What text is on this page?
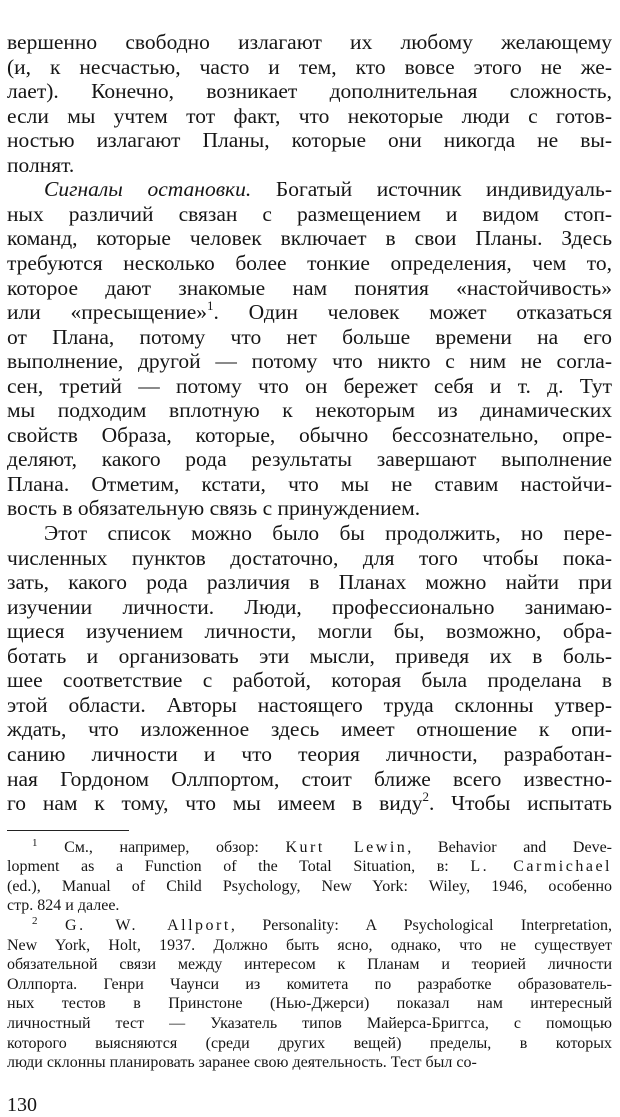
вершенно свободно излагают их любому желающему
(и, к несчастью, часто и тем, кто вовсе этого не же-
лает). Конечно, возникает дополнительная сложность,
если мы учтем тот факт, что некоторые люди с готов-
ностью излагают Планы, которые они никогда не вы-
полнят.
Сигналы остановки. Богатый источник индивидуаль-
ных различий связан с размещением и видом стоп-
команд, которые человек включает в свои Планы. Здесь
требуются несколько более тонкие определения, чем то,
которое дают знакомые нам понятия «настойчивость»
или «пресыщение»$^1$. Один человек может отказаться
от Плана, потому что нет больше времени на его
выполнение, другой — потому что никто с ним не согла-
сен, третий — потому что он бережет себя и т. д. Тут
мы подходим вплотную к некоторым из динамических
свойств Образа, которые, обычно бессознательно, опре-
деляют, какого рода результаты завершают выполнение
Плана. Отметим, кстати, что мы не ставим настойчи-
вость в обязательную связь с принуждением.
Этот список можно было бы продолжить, но пере-
численных пунктов достаточно, для того чтобы пока-
зать, какого рода различия в Планах можно найти при
изучении личности. Люди, профессионально занимаю-
щиеся изучением личности, могли бы, возможно, обра-
ботать и организовать эти мысли, приведя их в боль-
шее соответствие с работой, которая была проделана в
этой области. Авторы настоящего труда склонны утвер-
ждать, что изложенное здесь имеет отношение к опи-
санию личности и что теория личности, разработан-
ная Гордоном Оллпортом, стоит ближе всего известно-
го нам к тому, что мы имеем в виду$^2$. Чтобы испытать
$^1$ См., например, обзор: Kurt Lewin, Behavior and Deve-
lopment as a Function of the Total Situation, в: L. Carmichael
(ed.), Manual of Child Psychology, New York: Wiley, 1946, особенно
стр. 824 и далее.
$^2$ G. W. Allport, Personality: A Psychological Interpretation,
New York, Holt, 1937. Должно быть ясно, однако, что не существует
обязательной связи между интересом к Планам и теорией личности
Оллпорта. Генри Чаунси из комитета по разработке образователь-
ных тестов в Принстоне (Нью-Джерси) показал нам интересный
личностный тест — Указатель типов Майерса-Бриггса, с помощью
которого выясняются (среди других вещей) пределы, в которых
люди склонны планировать заранее свою деятельность. Тест был со-
130
